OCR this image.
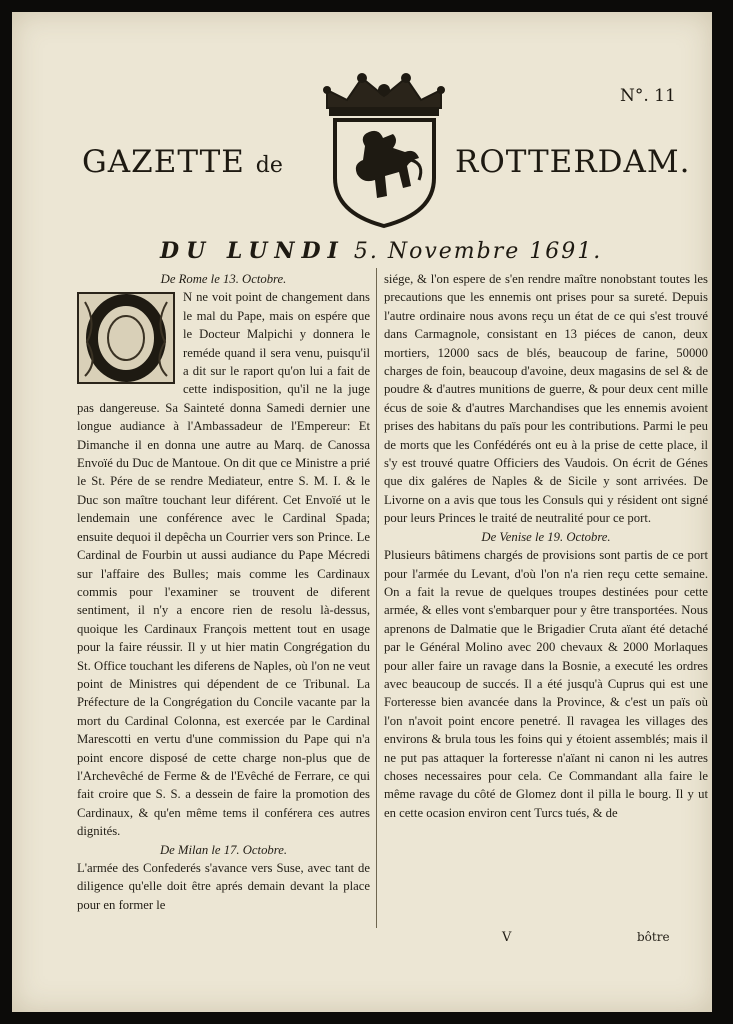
N°. 11
GAZETTE de	ROTTERDAM.
DU LUNDI 5. Novembre 1691.
De Rome le 13. Octobre.
N ne voit point de changement dans le mal du Pape, mais on espére que le Docteur Malpichi y donnera le reméde quand il sera venu, puisqu'il a dit sur le raport qu'on lui a fait de cette indisposition, qu'il ne la juge pas dangereuse. Sa Sainteté donna Samedi dernier une longue audiance à l'Ambassadeur de l'Empereur: Et Dimanche il en donna une autre au Marq. de Canossa Envoïé du Duc de Mantoue. On dit que ce Ministre a prié le St. Pére de se rendre Mediateur, entre S. M. I. & le Duc son maître touchant leur diférent. Cet Envoïé ut le lendemain une conférence avec le Cardinal Spada; ensuite dequoi il depêcha un Courrier vers son Prince. Le Cardinal de Fourbin ut aussi audiance du Pape Mécredi sur l'affaire des Bulles; mais comme les Cardinaux commis pour l'examiner se trouvent de diferent sentiment, il n'y a encore rien de resolu là-dessus, quoique les Cardinaux François mettent tout en usage pour la faire réussir. Il y ut hier matin Congrégation du St. Office touchant les diferens de Naples, où l'on ne veut point de Ministres qui dépendent de ce Tribunal. La Préfecture de la Congrégation du Concile vacante par la mort du Cardinal Colonna, est exercée par le Cardinal Marescotti en vertu d'une commission du Pape qui n'a point encore disposé de cette charge non-plus que de l'Archevêché de Ferme & de l'Evêché de Ferrare, ce qui fait croire que S. S. a dessein de faire la promotion des Cardinaux, & qu'en même tems il conférera ces autres dignités.
De Milan le 17. Octobre.
L'armée des Confederés s'avance vers Suse, avec tant de diligence qu'elle doit être aprés demain devant la place pour en former le
siége, & l'on espere de s'en rendre maître nonobstant toutes les precautions que les ennemis ont prises pour sa sureté. Depuis l'autre ordinaire nous avons reçu un état de ce qui s'est trouvé dans Carmagnole, consistant en 13 piéces de canon, deux mortiers, 12000 sacs de blés, beaucoup de farine, 50000 charges de foin, beaucoup d'avoine, deux magasins de sel & de poudre & d'autres munitions de guerre, & pour deux cent mille écus de soie & d'autres Marchandises que les ennemis avoient prises des habitans du païs pour les contributions. Parmi le peu de morts que les Confédérés ont eu à la prise de cette place, il s'y est trouvé quatre Officiers des Vaudois. On écrit de Génes que dix galéres de Naples & de Sicile y sont arrivées. De Livorne on a avis que tous les Consuls qui y résident ont signé pour leurs Princes le traité de neutralité pour ce port.
De Venise le 19. Octobre.
Plusieurs bâtimens chargés de provisions sont partis de ce port pour l'armée du Levant, d'où l'on n'a rien reçu cette semaine. On a fait la revue de quelques troupes destinées pour cette armée, & elles vont s'embarquer pour y être transportées. Nous aprenons de Dalmatie que le Brigadier Cruta aïant été detaché par le Général Molino avec 200 chevaux & 2000 Morlaques pour aller faire un ravage dans la Bosnie, a executé les ordres avec beaucoup de succés. Il a été jusqu'à Cuprus qui est une Forteresse bien avancée dans la Province, & c'est un païs où l'on n'avoit point encore penetré. Il ravagea les villages des environs & brula tous les foins qui y étoient assemblés; mais il ne put pas attaquer la forteresse n'aïant ni canon ni les autres choses necessaires pour cela. Ce Commandant alla faire le même ravage du côté de Glomez dont il pilla le bourg. Il y ut en cette ocasion environ cent Turcs tués, & de
V	bôtre
